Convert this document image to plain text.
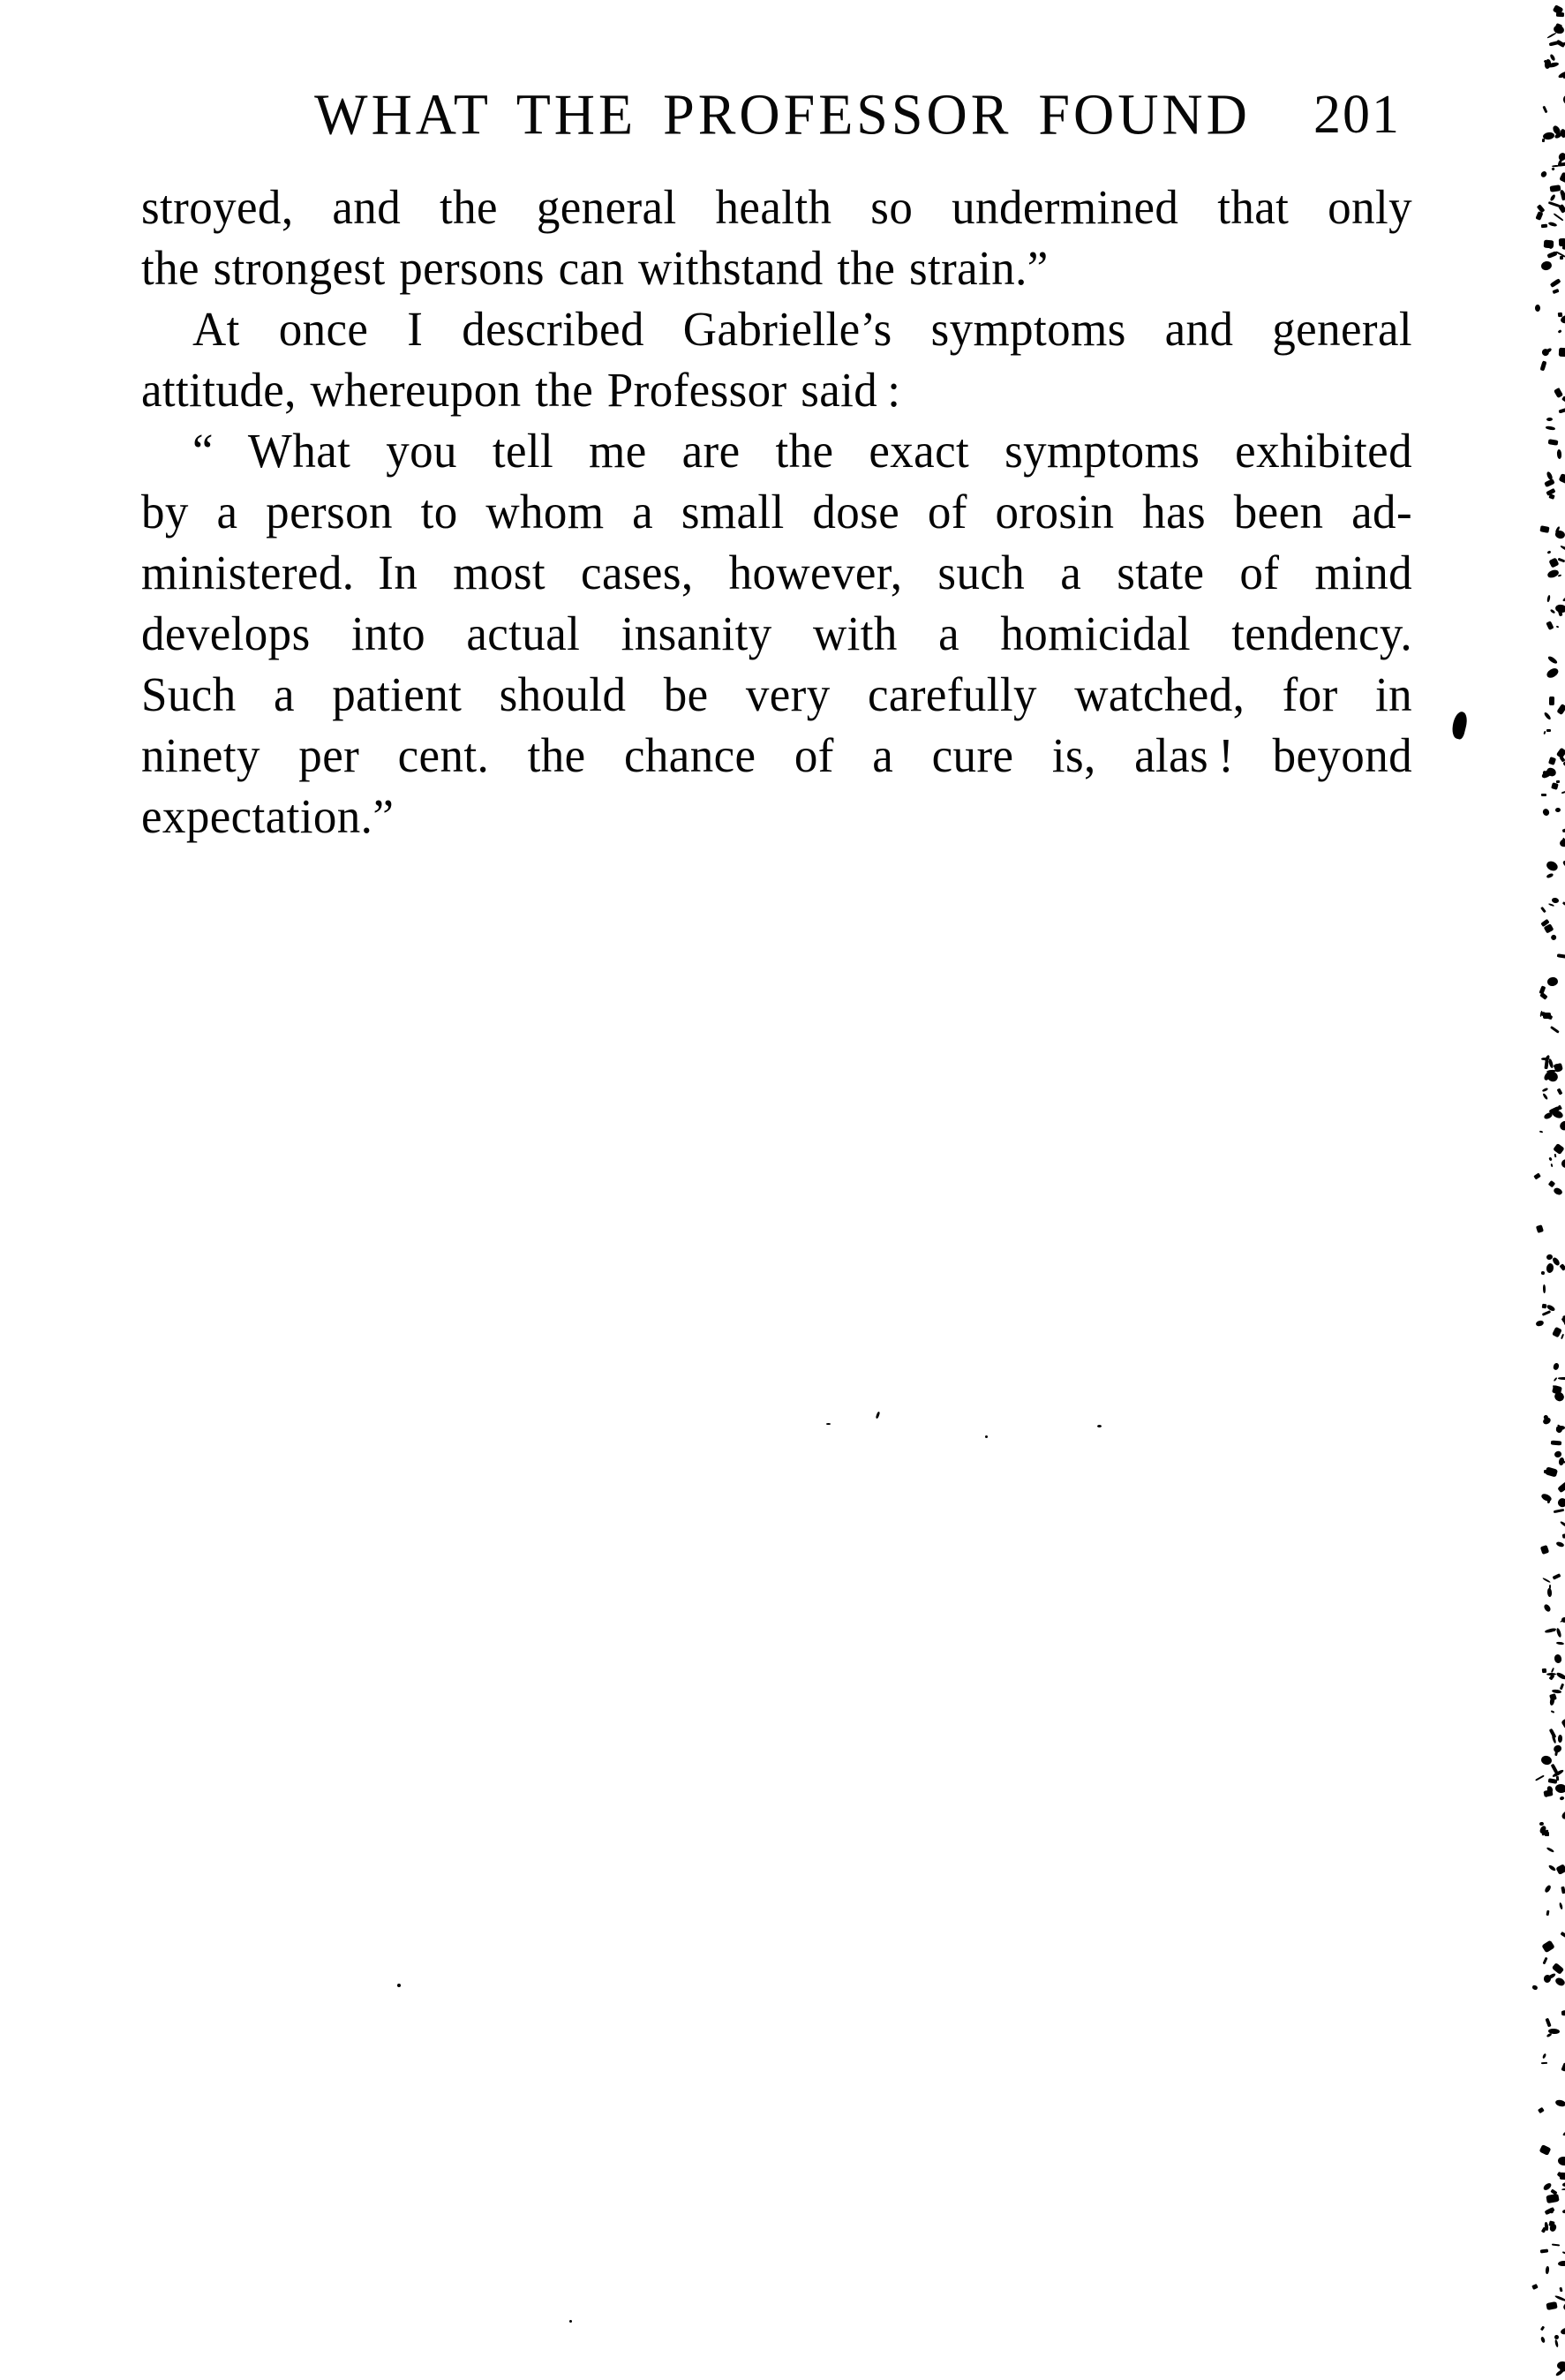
WHAT THE PROFESSOR FOUND 201
stroyed, and the general health so undermined that only
the strongest persons can withstand the strain.”
At once I described Gabrielle’s symptoms and general
attitude, whereupon the Professor said :
“ What you tell me are the exact symptoms exhibited
by a person to whom a small dose of orosin has been ad-
ministered. In most cases, however, such a state of mind
develops into actual insanity with a homicidal tendency.
Such a patient should be very carefully watched, for in
ninety per cent. the chance of a cure is, alas ! beyond
expectation.”
